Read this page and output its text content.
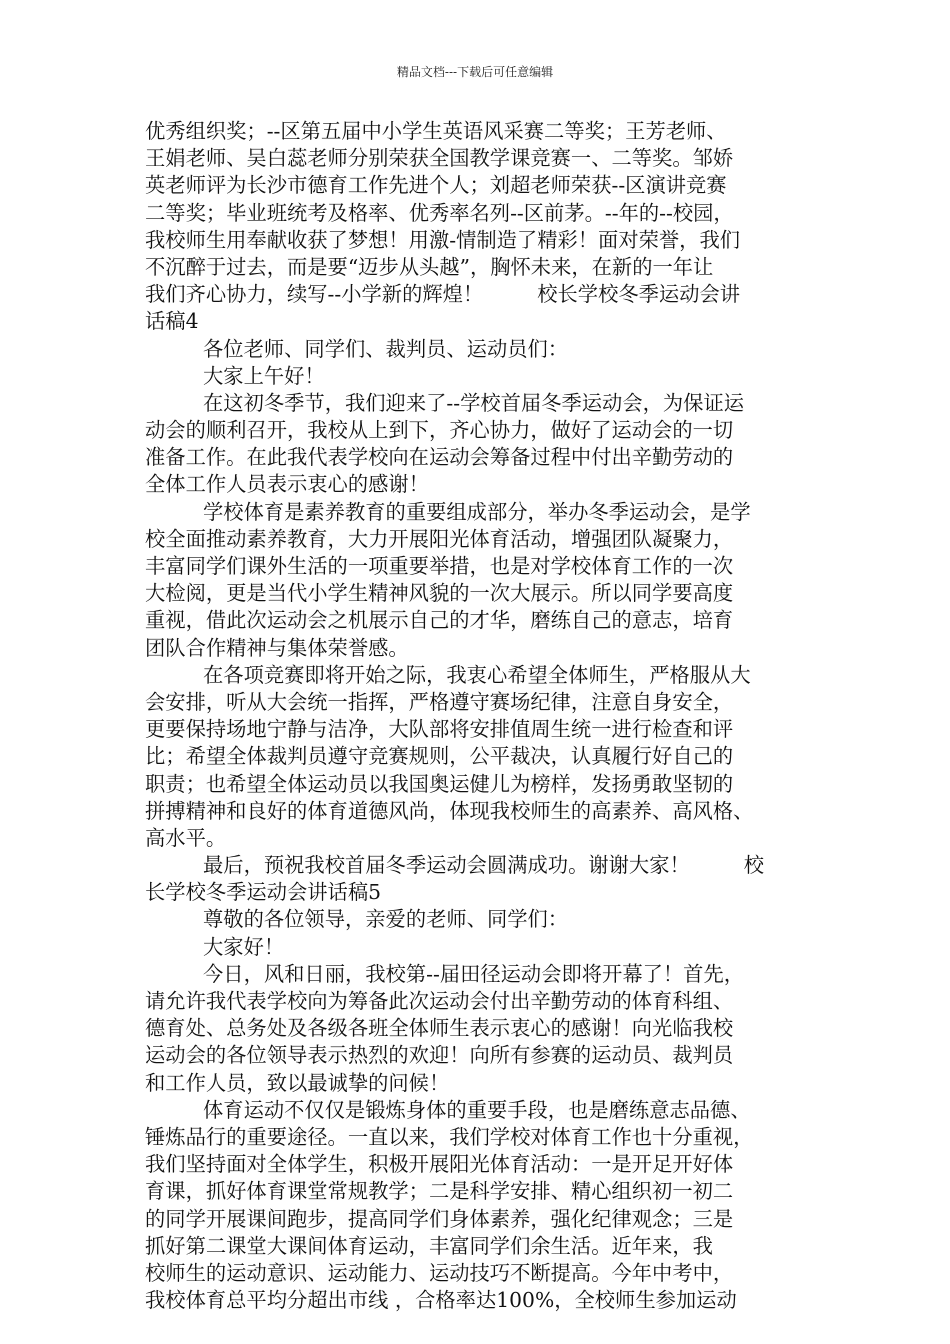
精品文档---下载后可任意编辑
优秀组织奖；--区第五届中小学生英语风采赛二等奖；王芳老师、
王娟老师、吴白蕊老师分别荣获全国教学课竞赛一、二等奖。邹娇
英老师评为长沙市德育工作先进个人；刘超老师荣获--区演讲竞赛
二等奖；毕业班统考及格率、优秀率名列--区前茅。--年的--校园，
我校师生用奉献收获了梦想！用激-情制造了精彩！面对荣誉，我们
不沉醉于过去，而是要“迈步从头越”，胸怀未来，在新的一年让
我们齐心协力，续写--小学新的辉煌！	校长学校冬季运动会讲
话稿4
各位老师、同学们、裁判员、运动员们：
大家上午好！
在这初冬季节，我们迎来了--学校首届冬季运动会，为保证运
动会的顺利召开，我校从上到下，齐心协力，做好了运动会的一切
准备工作。在此我代表学校向在运动会筹备过程中付出辛勤劳动的
全体工作人员表示衷心的感谢！
学校体育是素养教育的重要组成部分，举办冬季运动会，是学
校全面推动素养教育，大力开展阳光体育活动，增强团队凝聚力，
丰富同学们课外生活的一项重要举措，也是对学校体育工作的一次
大检阅，更是当代小学生精神风貌的一次大展示。所以同学要高度
重视，借此次运动会之机展示自己的才华，磨练自己的意志，培育
团队合作精神与集体荣誉感。
在各项竞赛即将开始之际，我衷心希望全体师生，严格服从大
会安排，听从大会统一指挥，严格遵守赛场纪律，注意自身安全，
更要保持场地宁静与洁净，大队部将安排值周生统一进行检查和评
比；希望全体裁判员遵守竞赛规则，公平裁决，认真履行好自己的
职责；也希望全体运动员以我国奥运健儿为榜样，发扬勇敢坚韧的
拼搏精神和良好的体育道德风尚，体现我校师生的高素养、高风格、
高水平。
最后，预祝我校首届冬季运动会圆满成功。谢谢大家！	校
长学校冬季运动会讲话稿5
尊敬的各位领导，亲爱的老师、同学们：
大家好！
今日，风和日丽，我校第--届田径运动会即将开幕了！首先，
请允许我代表学校向为筹备此次运动会付出辛勤劳动的体育科组、
德育处、总务处及各级各班全体师生表示衷心的感谢！向光临我校
运动会的各位领导表示热烈的欢迎！向所有参赛的运动员、裁判员
和工作人员，致以最诚挚的问候！
体育运动不仅仅是锻炼身体的重要手段，也是磨练意志品德、
锤炼品行的重要途径。一直以来，我们学校对体育工作也十分重视，
我们坚持面对全体学生，积极开展阳光体育活动：一是开足开好体
育课，抓好体育课堂常规教学；二是科学安排、精心组织初一初二
的同学开展课间跑步，提高同学们身体素养，强化纪律观念；三是
抓好第二课堂大课间体育运动，丰富同学们余生活。近年来，我
校师生的运动意识、运动能力、运动技巧不断提高。今年中考中，
我校体育总平均分超出市线 ，合格率达100%，全校师生参加运动
